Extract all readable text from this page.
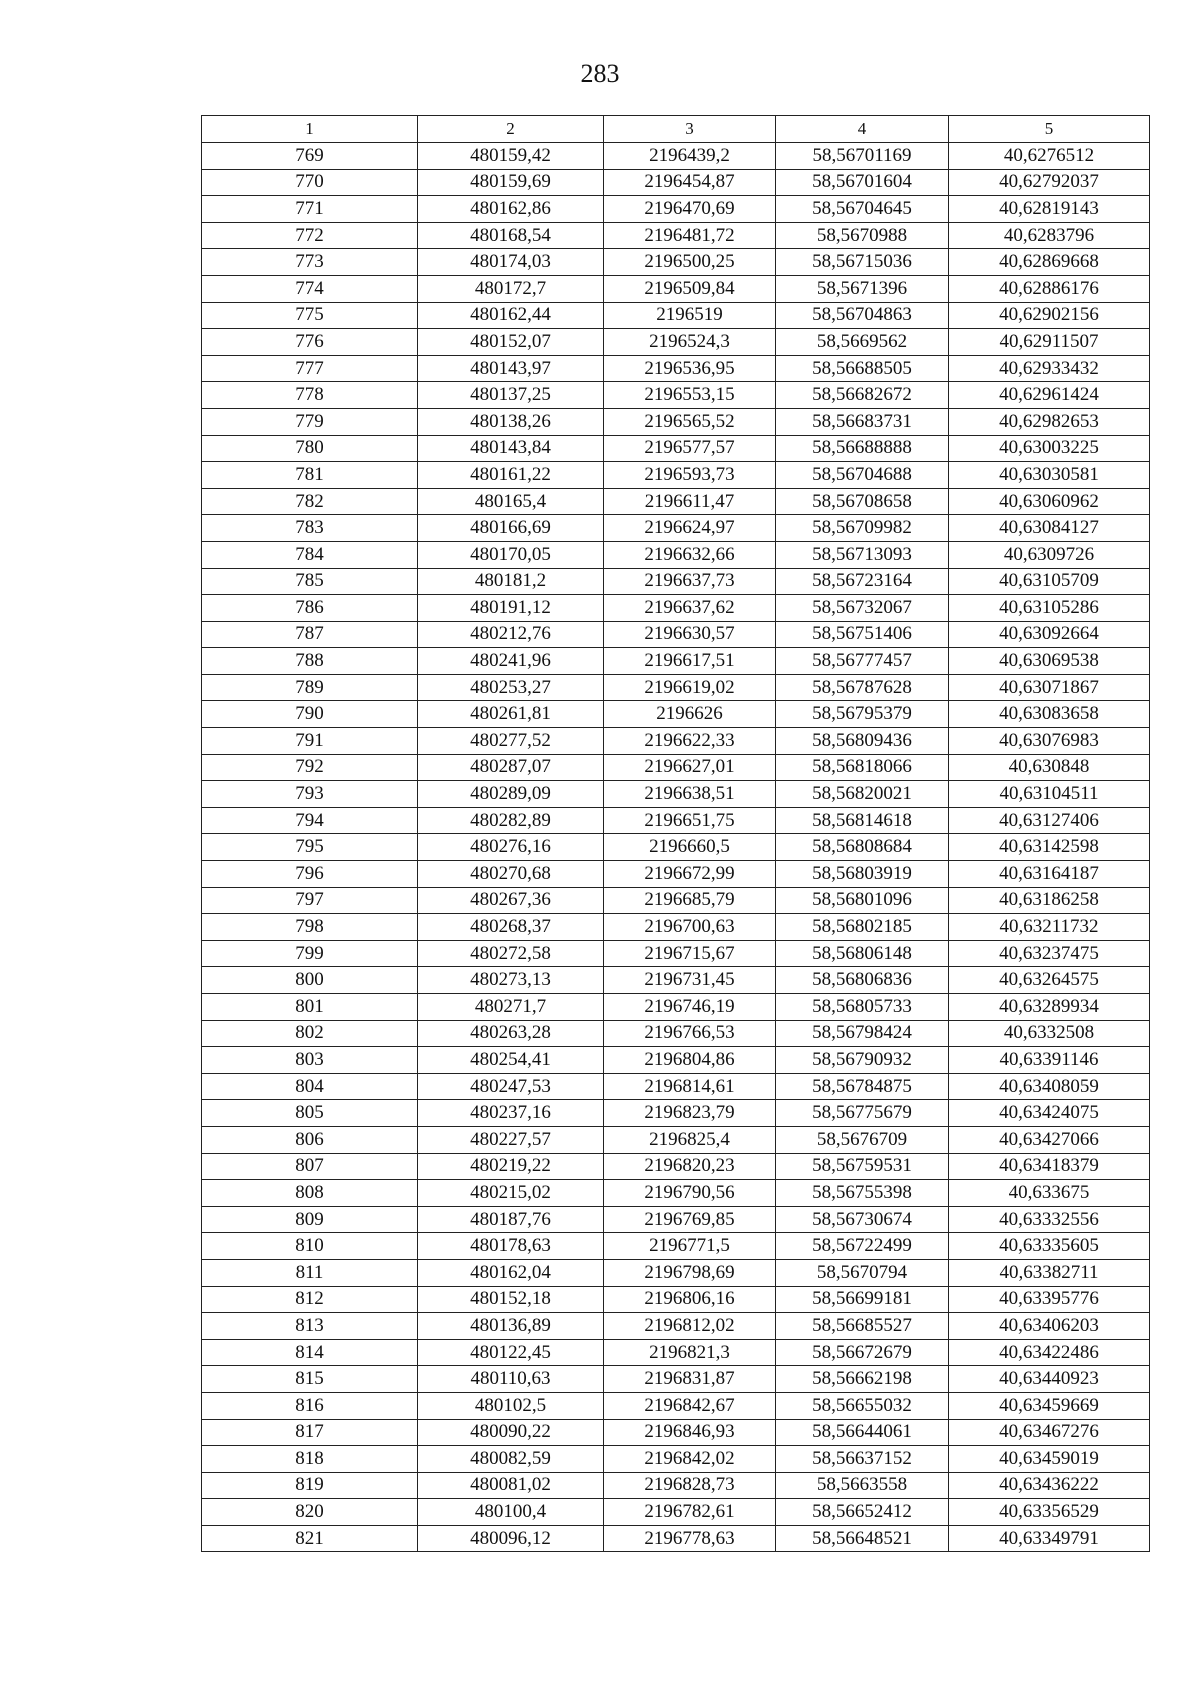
283
1	2	3	4	5
769	480159,42	2196439,2	58,56701169	40,6276512
770	480159,69	2196454,87	58,56701604	40,62792037
771	480162,86	2196470,69	58,56704645	40,62819143
772	480168,54	2196481,72	58,5670988	40,6283796
773	480174,03	2196500,25	58,56715036	40,62869668
774	480172,7	2196509,84	58,5671396	40,62886176
775	480162,44	2196519	58,56704863	40,62902156
776	480152,07	2196524,3	58,5669562	40,62911507
777	480143,97	2196536,95	58,56688505	40,62933432
778	480137,25	2196553,15	58,56682672	40,62961424
779	480138,26	2196565,52	58,56683731	40,62982653
780	480143,84	2196577,57	58,56688888	40,63003225
781	480161,22	2196593,73	58,56704688	40,63030581
782	480165,4	2196611,47	58,56708658	40,63060962
783	480166,69	2196624,97	58,56709982	40,63084127
784	480170,05	2196632,66	58,56713093	40,6309726
785	480181,2	2196637,73	58,56723164	40,63105709
786	480191,12	2196637,62	58,56732067	40,63105286
787	480212,76	2196630,57	58,56751406	40,63092664
788	480241,96	2196617,51	58,56777457	40,63069538
789	480253,27	2196619,02	58,56787628	40,63071867
790	480261,81	2196626	58,56795379	40,63083658
791	480277,52	2196622,33	58,56809436	40,63076983
792	480287,07	2196627,01	58,56818066	40,630848
793	480289,09	2196638,51	58,56820021	40,63104511
794	480282,89	2196651,75	58,56814618	40,63127406
795	480276,16	2196660,5	58,56808684	40,63142598
796	480270,68	2196672,99	58,56803919	40,63164187
797	480267,36	2196685,79	58,56801096	40,63186258
798	480268,37	2196700,63	58,56802185	40,63211732
799	480272,58	2196715,67	58,56806148	40,63237475
800	480273,13	2196731,45	58,56806836	40,63264575
801	480271,7	2196746,19	58,56805733	40,63289934
802	480263,28	2196766,53	58,56798424	40,6332508
803	480254,41	2196804,86	58,56790932	40,63391146
804	480247,53	2196814,61	58,56784875	40,63408059
805	480237,16	2196823,79	58,56775679	40,63424075
806	480227,57	2196825,4	58,5676709	40,63427066
807	480219,22	2196820,23	58,56759531	40,63418379
808	480215,02	2196790,56	58,56755398	40,633675
809	480187,76	2196769,85	58,56730674	40,63332556
810	480178,63	2196771,5	58,56722499	40,63335605
811	480162,04	2196798,69	58,5670794	40,63382711
812	480152,18	2196806,16	58,56699181	40,63395776
813	480136,89	2196812,02	58,56685527	40,63406203
814	480122,45	2196821,3	58,56672679	40,63422486
815	480110,63	2196831,87	58,56662198	40,63440923
816	480102,5	2196842,67	58,56655032	40,63459669
817	480090,22	2196846,93	58,56644061	40,63467276
818	480082,59	2196842,02	58,56637152	40,63459019
819	480081,02	2196828,73	58,5663558	40,63436222
820	480100,4	2196782,61	58,56652412	40,63356529
821	480096,12	2196778,63	58,56648521	40,63349791
